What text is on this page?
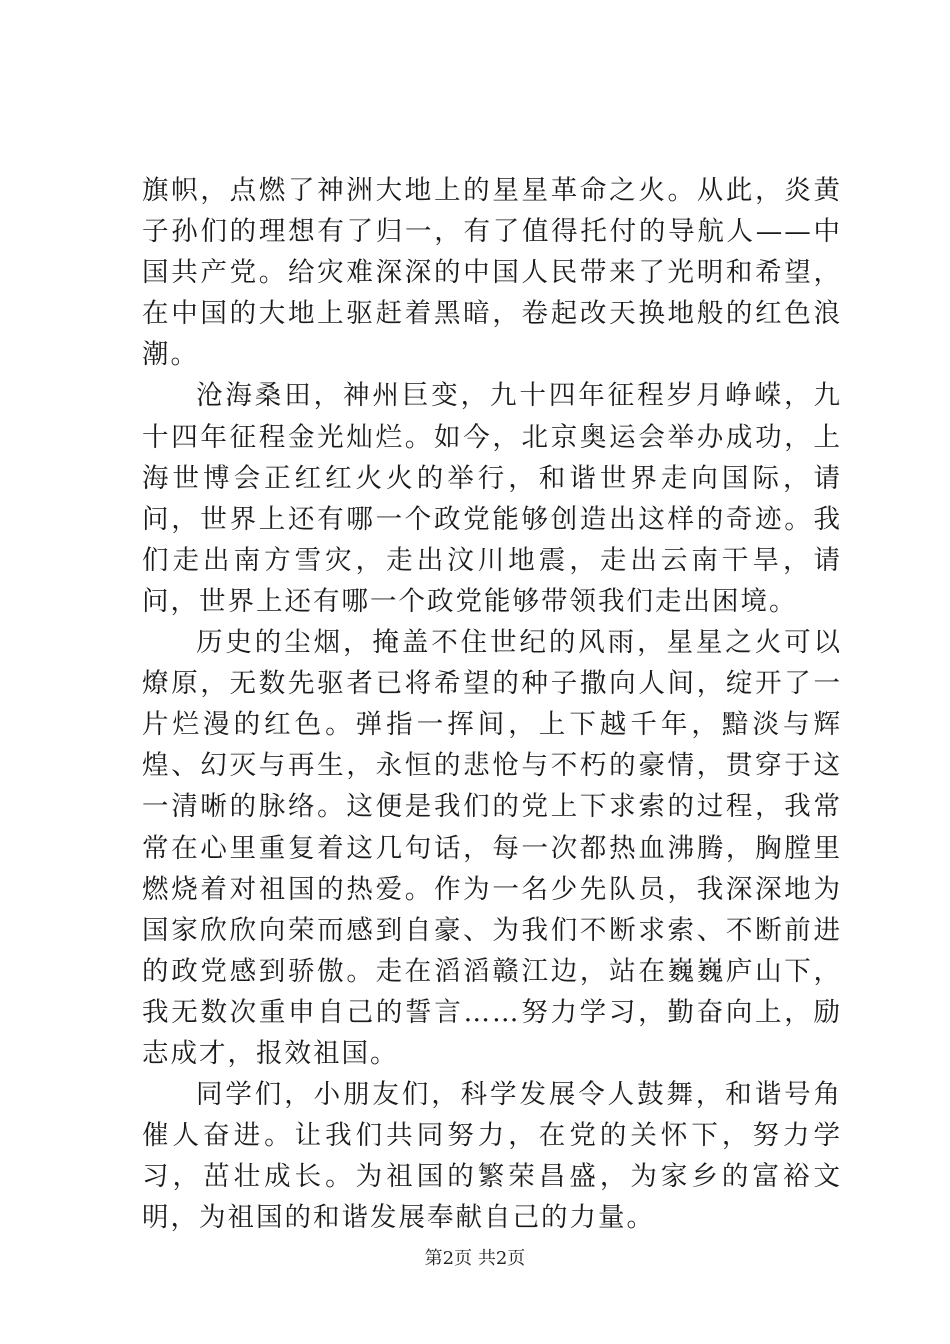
旗帜，点燃了神洲大地上的星星革命之火。从此，炎黄子孙们的理想有了归一，有了值得托付的导航人——中国共产党。给灾难深深的中国人民带来了光明和希望，在中国的大地上驱赶着黑暗，卷起改天换地般的红色浪潮。

沧海桑田，神州巨变，九十四年征程岁月峥嵘，九十四年征程金光灿烂。如今，北京奥运会举办成功，上海世博会正红红火火的举行，和谐世界走向国际，请问，世界上还有哪一个政党能够创造出这样的奇迹。我们走出南方雪灾，走出汶川地震，走出云南干旱，请问，世界上还有哪一个政党能够带领我们走出困境。

历史的尘烟，掩盖不住世纪的风雨，星星之火可以燎原，无数先驱者已将希望的种子撒向人间，绽开了一片烂漫的红色。弹指一挥间，上下越千年，黯淡与辉煌、幻灭与再生，永恒的悲怆与不朽的豪情，贯穿于这一清晰的脉络。这便是我们的党上下求索的过程，我常常在心里重复着这几句话，每一次都热血沸腾，胸膛里燃烧着对祖国的热爱。作为一名少先队员，我深深地为国家欣欣向荣而感到自豪、为我们不断求索、不断前进的政党感到骄傲。走在滔滔赣江边，站在巍巍庐山下，我无数次重申自己的誓言……努力学习，勤奋向上，励志成才，报效祖国。

同学们，小朋友们，科学发展令人鼓舞，和谐号角催人奋进。让我们共同努力，在党的关怀下，努力学习，茁壮成长。为祖国的繁荣昌盛，为家乡的富裕文明，为祖国的和谐发展奉献自己的力量。

第2页 共2页
